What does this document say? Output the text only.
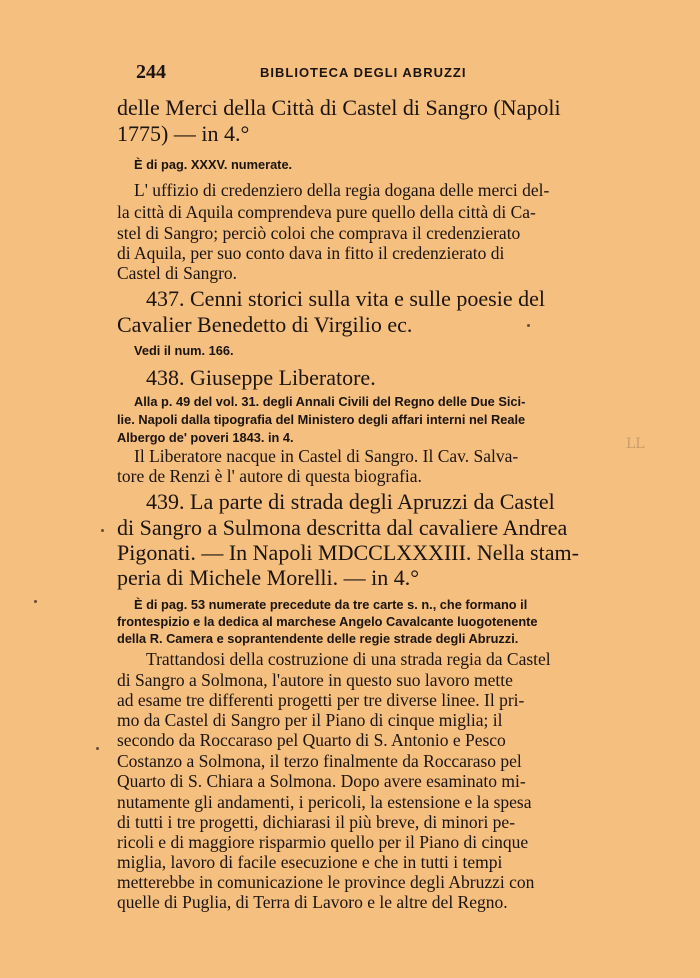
244	BIBLIOTECA DEGLI ABRUZZI
delle Merci della Città di Castel di Sangro (Napoli
1775) — in 4.°
È di pag. XXXV. numerate.
L' uffizio di credenziero della regia dogana delle merci del-
la città di Aquila comprendeva pure quello della città di Ca-
stel di Sangro; perciò coloi che comprava il credenzierato
di Aquila, per suo conto dava in fitto il credenzierato di
Castel di Sangro.
437. Cenni storici sulla vita e sulle poesie del
Cavalier Benedetto di Virgilio ec.
Vedi il num. 166.
438. Giuseppe Liberatore.
Alla p. 49 del vol. 31. degli Annali Civili del Regno delle Due Sici-
lie. Napoli dalla tipografia del Ministero degli affari interni nel Reale
Albergo de' poveri 1843. in 4.
Il Liberatore nacque in Castel di Sangro. Il Cav. Salva-
tore de Renzi è l' autore di questa biografia.
439. La parte di strada degli Apruzzi da Castel
di Sangro a Sulmona descritta dal cavaliere Andrea
Pigonati. — In Napoli MDCCLXXXIII. Nella stam-
peria di Michele Morelli. — in 4.°
È di pag. 53 numerate precedute da tre carte s. n., che formano il
frontespizio e la dedica al marchese Angelo Cavalcante luogotenente
della R. Camera e soprantendente delle regie strade degli Abruzzi.
Trattandosi della costruzione di una strada regia da Castel
di Sangro a Solmona, l'autore in questo suo lavoro mette
ad esame tre differenti progetti per tre diverse linee. Il pri-
mo da Castel di Sangro per il Piano di cinque miglia; il
secondo da Roccaraso pel Quarto di S. Antonio e Pesco
Costanzo a Solmona, il terzo finalmente da Roccaraso pel
Quarto di S. Chiara a Solmona. Dopo avere esaminato mi-
nutamente gli andamenti, i pericoli, la estensione e la spesa
di tutti i tre progetti, dichiarasi il più breve, di minori pe-
ricoli e di maggiore risparmio quello per il Piano di cinque
miglia, lavoro di facile esecuzione e che in tutti i tempi
metterebbe in comunicazione le province degli Abruzzi con
quelle di Puglia, di Terra di Lavoro e le altre del Regno.
LL
